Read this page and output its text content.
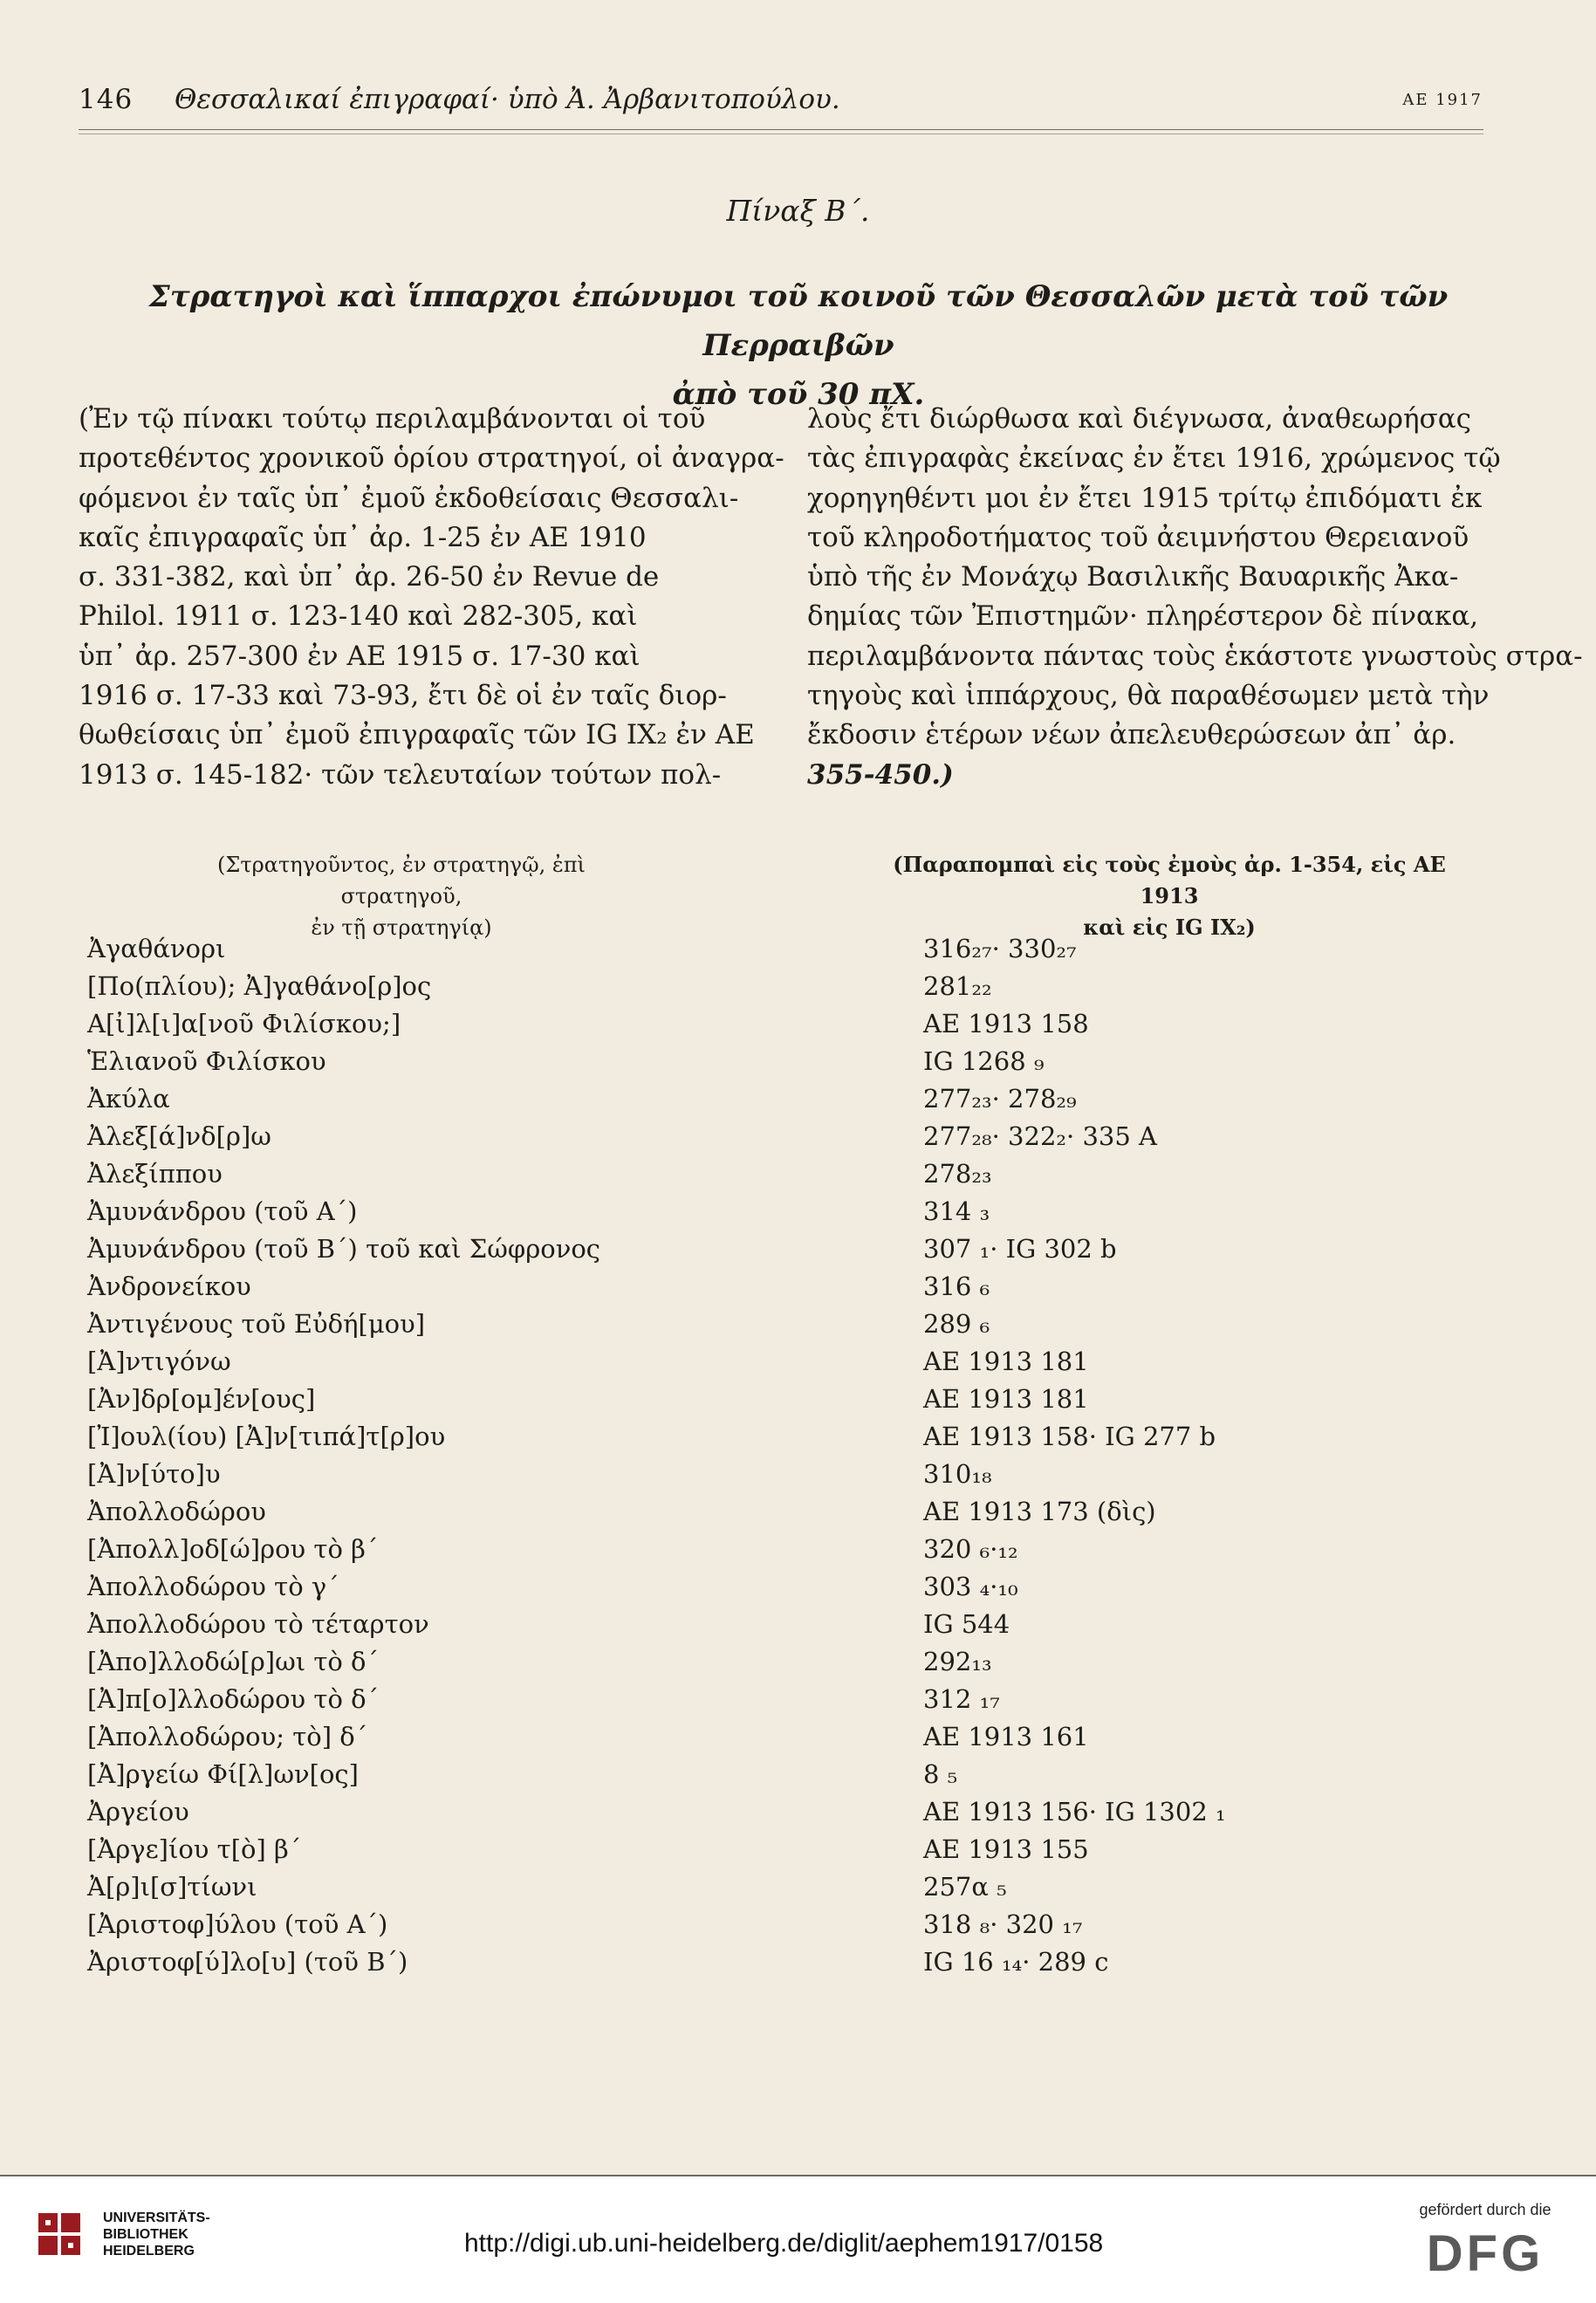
146 Θεσσαλικαί ἐπιγραφαί· ὑπὸ Ἀ. Ἀρβανιτοπούλου.	ΑΕ 1917
Πίναξ Β΄.
Στρατηγοὶ καὶ ἵππαρχοι ἐπώνυμοι τοῦ κοινοῦ τῶν Θεσσαλῶν μετὰ τοῦ τῶν Περραιβῶν
ἀπὸ τοῦ 30 πΧ.
(Ἐν τῷ πίνακι τούτῳ περιλαμβάνονται οἱ τοῦ
προτεθέντος χρονικοῦ ὁρίου στρατηγοί, οἱ ἀναγρα-
φόμενοι ἐν ταῖς ὑπ᾽ ἐμοῦ ἐκδοθείσαις Θεσσαλι-
καῖς ἐπιγραφαῖς ὑπ᾽ ἀρ. 1-25 ἐν ΑΕ 1910
σ. 331-382, καὶ ὑπ᾽ ἀρ. 26-50 ἐν Revue de
Philol. 1911 σ. 123-140 καὶ 282-305, καὶ
ὑπ᾽ ἀρ. 257-300 ἐν ΑΕ 1915 σ. 17-30 καὶ
1916 σ. 17-33 καὶ 73-93, ἔτι δὲ οἱ ἐν ταῖς διορ-
θωθείσαις ὑπ᾽ ἐμοῦ ἐπιγραφαῖς τῶν IG IX₂ ἐν ΑΕ
1913 σ. 145-182· τῶν τελευταίων τούτων πολ-
λοὺς ἔτι διώρθωσα καὶ διέγνωσα, ἀναθεωρήσας
τὰς ἐπιγραφὰς ἐκείνας ἐν ἔτει 1916, χρώμενος τῷ
χορηγηθέντι μοι ἐν ἔτει 1915 τρίτῳ ἐπιδόματι ἐκ
τοῦ κληροδοτήματος τοῦ ἀειμνήστου Θερειανοῦ
ὑπὸ τῆς ἐν Μονάχῳ Βασιλικῆς Βαυαρικῆς Ἀκα-
δημίας τῶν Ἐπιστημῶν· πληρέστερον δὲ πίνακα,
περιλαμβάνοντα πάντας τοὺς ἑκάστοτε γνωστοὺς στρα-
τηγοὺς καὶ ἱππάρχους, θὰ παραθέσωμεν μετὰ τὴν
ἔκδοσιν ἑτέρων νέων ἀπελευθερώσεων ἀπ᾽ ἀρ.
355-450.)
(Στρατηγοῦντος, ἐν στρατηγῷ, ἐπὶ στρατηγοῦ,
ἐν τῇ στρατηγίᾳ)
(Παραπομπαὶ εἰς τοὺς ἐμοὺς ἀρ. 1-354, εἰς ΑΕ 1913
καὶ εἰς IG IX₂)
Ἀγαθάνορι	316₂₇· 330₂₇
[Πο(πλίου); Ἀ]γαθάνο[ρ]ος	281₂₂
Α[ἰ]λ[ι]α[νοῦ Φιλίσκου;]	ΑΕ 1913 158
Ἑλιανοῦ Φιλίσκου	IG 1268 ₉
Ἀκύλα	277₂₃· 278₂₉
Ἀλεξ[ά]νδ[ρ]ω	277₂₈· 322₂· 335 A
Ἀλεξίππου	278₂₃
Ἀμυνάνδρου (τοῦ Α΄)	314 ₃
Ἀμυνάνδρου (τοῦ Β΄) τοῦ καὶ Σώφρονος	307 ₁· IG 302 b
Ἀνδρονείκου	316 ₆
Ἀντιγένους τοῦ Εὐδή[μου]	289 ₆
[Ἀ]ντιγόνω	ΑΕ 1913 181
[Ἀν]δρ[ομ]έν[ους]	ΑΕ 1913 181
[Ἰ]ουλ(ίου) [Ἀ]ν[τιπά]τ[ρ]ου	ΑΕ 1913 158· IG 277 b
[Ἀ]ν[ύτο]υ	310₁₈
Ἀπολλοδώρου	ΑΕ 1913 173 (δὶς)
[Ἀπολλ]οδ[ώ]ρου τὸ β΄	320 ₆·₁₂
Ἀπολλοδώρου τὸ γ΄	303 ₄·₁₀
Ἀπολλοδώρου τὸ τέταρτον	IG 544
[Ἀπο]λλοδώ[ρ]ωι τὸ δ΄	292₁₃
[Ἀ]π[ο]λλοδώρου τὸ δ΄	312 ₁₇
[Ἀπολλοδώρου; τὸ] δ΄	ΑΕ 1913 161
[Ἀ]ργείω Φί[λ]ων[ος]	8 ₅
Ἀργείου	ΑΕ 1913 156· IG 1302 ₁
[Ἀργε]ίου τ[ὸ] β΄	ΑΕ 1913 155
Ἀ[ρ]ι[σ]τίωνι	257α ₅
[Ἀριστοφ]ύλου (τοῦ Α΄)	318 ₈· 320 ₁₇
Ἀριστοφ[ύ]λο[υ] (τοῦ Β΄)	IG 16 ₁₄· 289 c
UNIVERSITÄTS-
BIBLIOTHEK
HEIDELBERG	http://digi.ub.uni-heidelberg.de/diglit/aephem1917/0158
gefördert durch die
DFG
